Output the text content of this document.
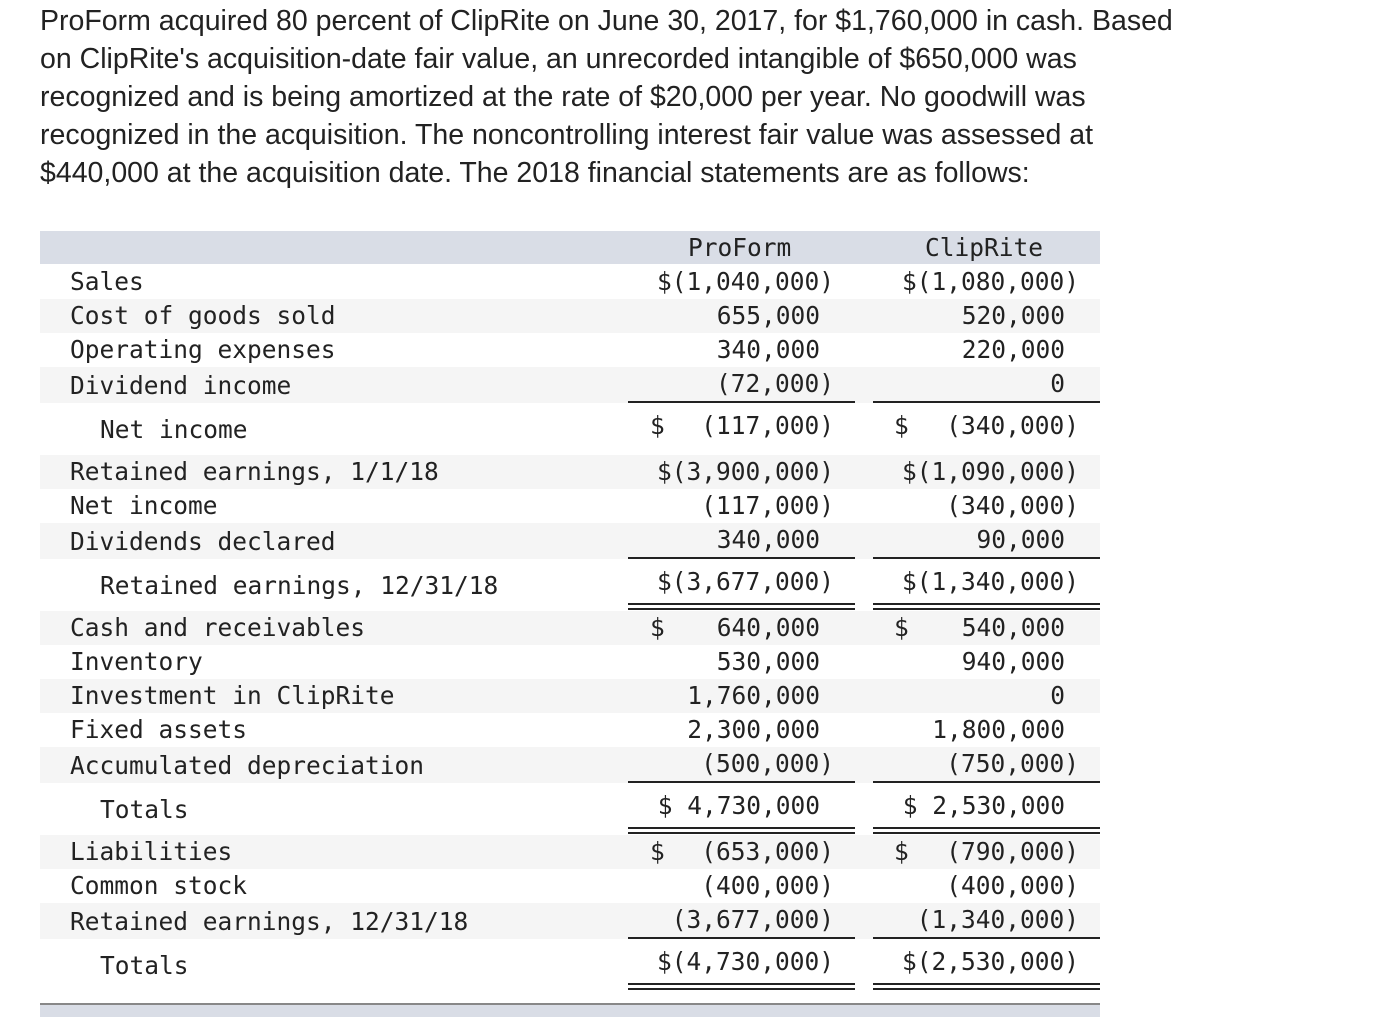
ProForm acquired 80 percent of ClipRite on June 30, 2017, for $1,760,000 in cash. Based

on ClipRite's acquisition-date fair value, an unrecorded intangible of $650,000 was

recognized and is being amortized at the rate of $20,000 per year. No goodwill was

recognized in the acquisition. The noncontrolling interest fair value was assessed at

$440,000 at the acquisition date. The 2018 financial statements are as follows:

ProForm	ClipRite
Sales
Cost of goods sold
Operating expenses
Dividend income
Net income
Retained earnings, 1/1/18
Net income
Dividends declared
Retained earnings, 12/31/18
Cash and receivables
Inventory
Investment in ClipRite
Fixed assets
Accumulated depreciation
Totals
Liabilities
Common stock
Retained earnings, 12/31/18
Totals
$(1,040,000)
655,000
340,000
(72,000)
$ (117,000)
$(3,900,000)
(117,000)
340,000
$(3,677,000)
$ 640,000
530,000
1,760,000
2,300,000
(500,000)
$ 4,730,000
$ (653,000)
(400,000)
(3,677,000)
$(4,730,000)
$(1,080,000)
520,000
220,000
0
$ (340,000)
$(1,090,000)
(340,000)
90,000
$(1,340,000)
$ 540,000
940,000
0
1,800,000
(750,000)
$ 2,530,000
$ (790,000)
(400,000)
(1,340,000)
$(2,530,000)
